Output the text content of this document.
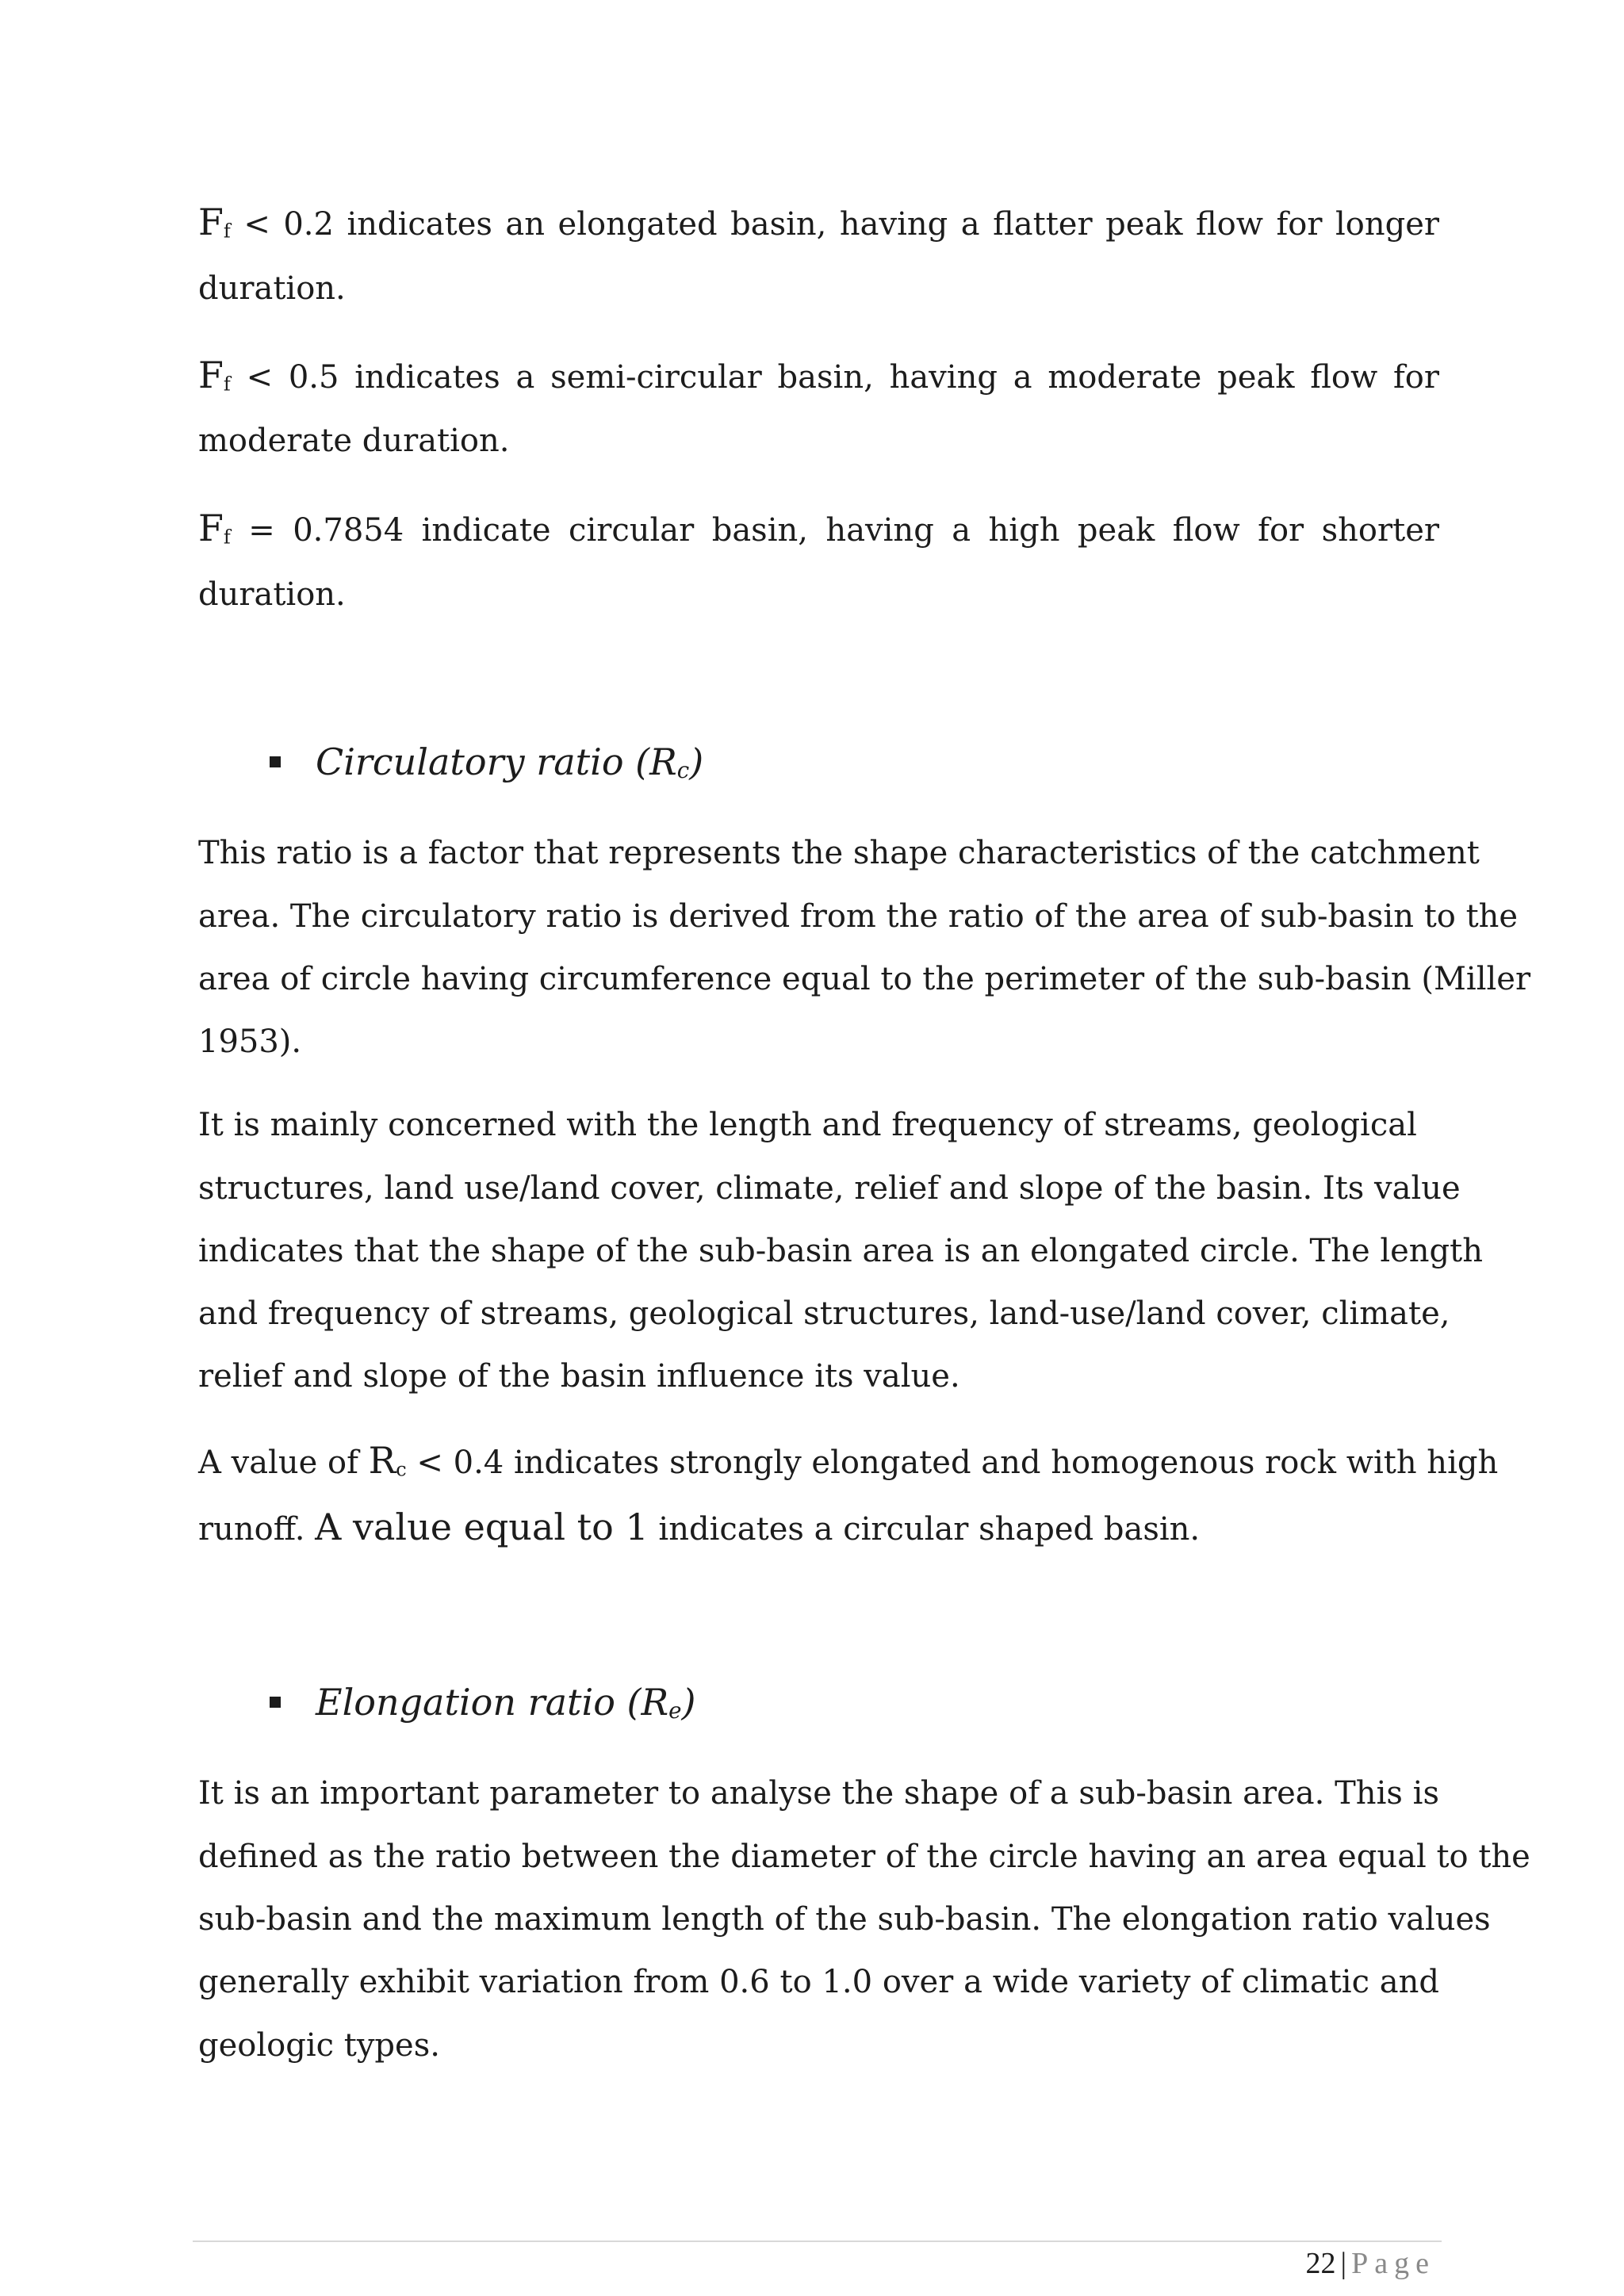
$F_f < 0.2$ indicates an elongated basin, having a flatter peak flow for longer
duration.
$F_f < 0.5$ indicates a semi-circular basin, having a moderate peak flow for
moderate duration.
$F_f = 0.7854$ indicate circular basin, having a high peak flow for shorter
duration.
Circulatory ratio $(R_c)$
This ratio is a factor that represents the shape characteristics of the catchment
area. The circulatory ratio is derived from the ratio of the area of sub-basin to the
area of circle having circumference equal to the perimeter of the sub-basin (Miller
1953).
It is mainly concerned with the length and frequency of streams, geological
structures, land use/land cover, climate, relief and slope of the basin. Its value
indicates that the shape of the sub-basin area is an elongated circle. The length
and frequency of streams, geological structures, land-use/land cover, climate,
relief and slope of the basin influence its value.
A value of $R_c < 0.4$ indicates strongly elongated and homogenous rock with high
runoff. A value equal to 1 indicates a circular shaped basin.
Elongation ratio $(R_e)$
It is an important parameter to analyse the shape of a sub-basin area. This is
defined as the ratio between the diameter of the circle having an area equal to the
sub-basin and the maximum length of the sub-basin. The elongation ratio values
generally exhibit variation from 0.6 to 1.0 over a wide variety of climatic and
geologic types.
22 | Page
